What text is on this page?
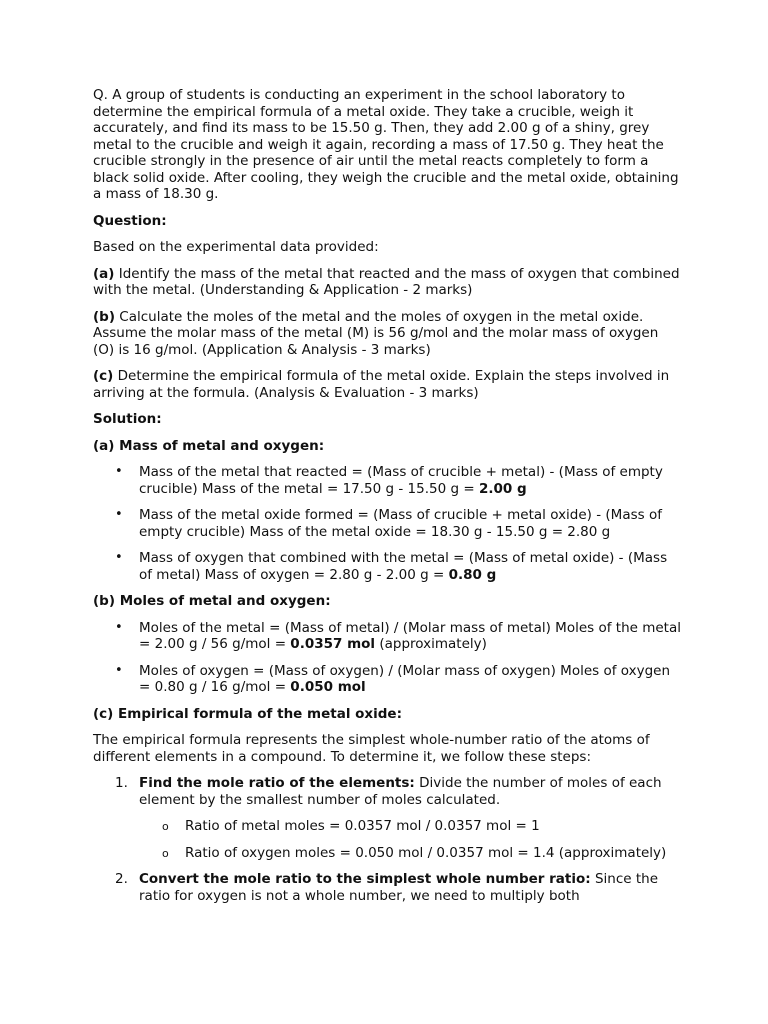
Q. A group of students is conducting an experiment in the school laboratory to determine the empirical formula of a metal oxide. They take a crucible, weigh it accurately, and find its mass to be 15.50 g. Then, they add 2.00 g of a shiny, grey metal to the crucible and weigh it again, recording a mass of 17.50 g. They heat the crucible strongly in the presence of air until the metal reacts completely to form a black solid oxide. After cooling, they weigh the crucible and the metal oxide, obtaining a mass of 18.30 g.

Question:

Based on the experimental data provided:

(a) Identify the mass of the metal that reacted and the mass of oxygen that combined with the metal. (Understanding & Application - 2 marks)

(b) Calculate the moles of the metal and the moles of oxygen in the metal oxide. Assume the molar mass of the metal (M) is 56 g/mol and the molar mass of oxygen (O) is 16 g/mol. (Application & Analysis - 3 marks)

(c) Determine the empirical formula of the metal oxide. Explain the steps involved in arriving at the formula. (Analysis & Evaluation - 3 marks)

Solution:

(a) Mass of metal and oxygen:

• Mass of the metal that reacted = (Mass of crucible + metal) - (Mass of empty crucible) Mass of the metal = 17.50 g - 15.50 g = 2.00 g
• Mass of the metal oxide formed = (Mass of crucible + metal oxide) - (Mass of empty crucible) Mass of the metal oxide = 18.30 g - 15.50 g = 2.80 g
• Mass of oxygen that combined with the metal = (Mass of metal oxide) - (Mass of metal) Mass of oxygen = 2.80 g - 2.00 g = 0.80 g

(b) Moles of metal and oxygen:

• Moles of the metal = (Mass of metal) / (Molar mass of metal) Moles of the metal = 2.00 g / 56 g/mol = 0.0357 mol (approximately)
• Moles of oxygen = (Mass of oxygen) / (Molar mass of oxygen) Moles of oxygen = 0.80 g / 16 g/mol = 0.050 mol

(c) Empirical formula of the metal oxide:

The empirical formula represents the simplest whole-number ratio of the atoms of different elements in a compound. To determine it, we follow these steps:

1. Find the mole ratio of the elements: Divide the number of moles of each element by the smallest number of moles calculated.
o Ratio of metal moles = 0.0357 mol / 0.0357 mol = 1
o Ratio of oxygen moles = 0.050 mol / 0.0357 mol = 1.4 (approximately)
2. Convert the mole ratio to the simplest whole number ratio: Since the ratio for oxygen is not a whole number, we need to multiply both
